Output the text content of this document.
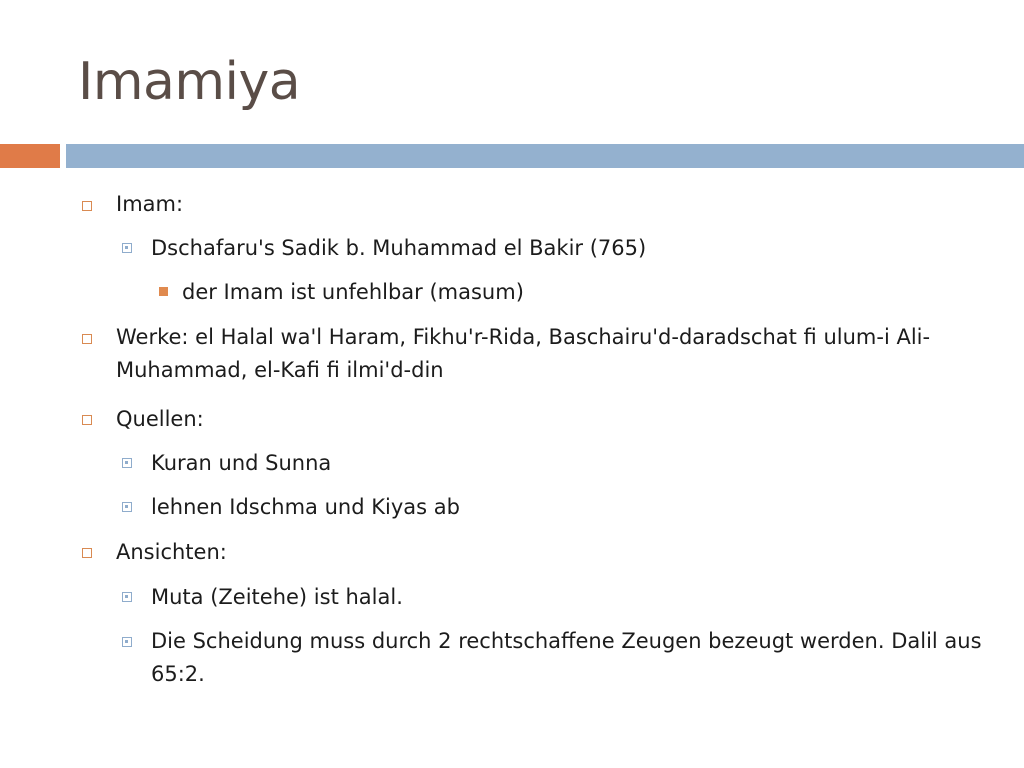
Imamiya
Imam:
Dschafaru's Sadik b. Muhammad el Bakir (765)
der Imam ist unfehlbar (masum)
Werke: el Halal wa'l Haram, Fikhu'r-Rida, Baschairu'd-daradschat fi ulum-i Ali-Muhammad, el-Kafi fi ilmi'd-din
Quellen:
Kuran und Sunna
lehnen Idschma und Kiyas ab
Ansichten:
Muta (Zeitehe) ist halal.
Die Scheidung muss durch 2 rechtschaffene Zeugen bezeugt werden. Dalil aus 65:2.
